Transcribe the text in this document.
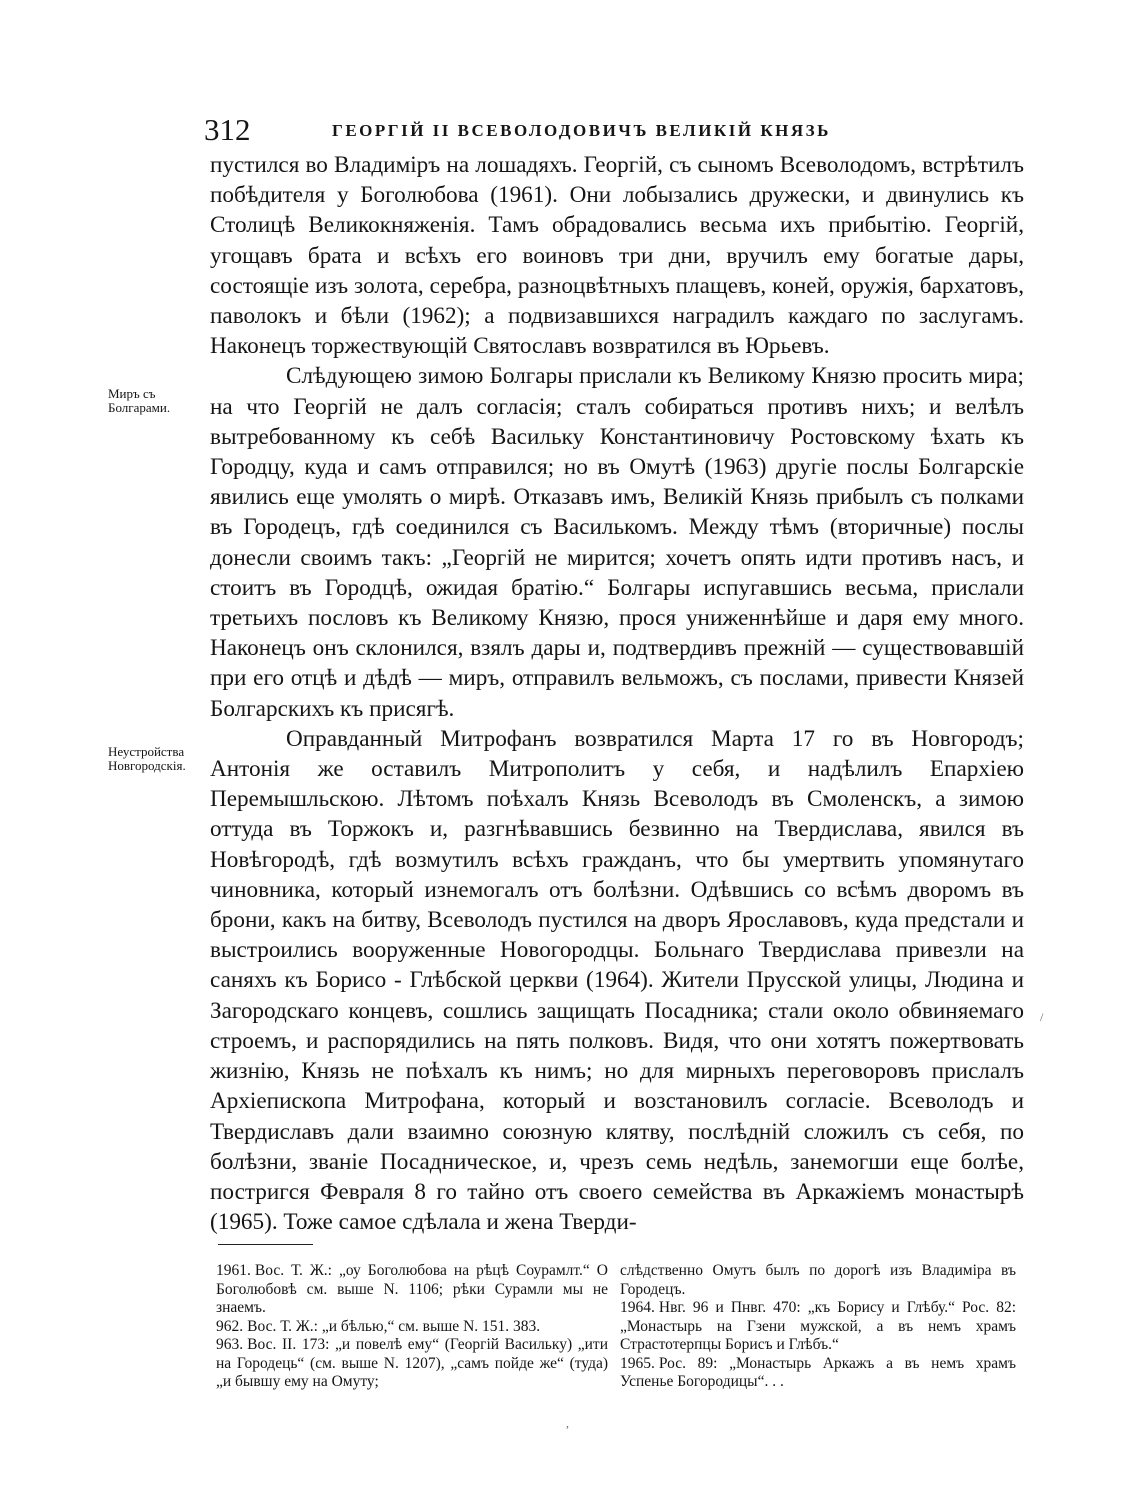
312	ГЕОРГІЙ II ВСЕВОЛОДОВИЧЪ ВЕЛИКІЙ КНЯЗЬ
Миръ съ Болгарами.
Неустройства Новгородскія.

пустился во Владиміръ на лошадяхъ. Георгій, съ сыномъ Всеволодомъ, встрѣтилъ побѣдителя у Боголюбова (1961). Они лобызались дружески, и двинулись къ Столицѣ Великокняженія. Тамъ обрадовались весьма ихъ прибытію. Георгій, угощавъ брата и всѣхъ его воиновъ три дни, вручилъ ему богатые дары, состоящіе изъ золота, серебра, разноцвѣтныхъ плащевъ, коней, оружія, бархатовъ, паволокъ и бѣли (1962); а подвизавшихся наградилъ каждаго по заслугамъ. Наконецъ торжествующій Святославъ возвратился въ Юрьевъ.

Слѣдующею зимою Болгары прислали къ Великому Князю просить мира; на что Георгій не далъ согласія; сталъ собираться противъ нихъ; и велѣлъ вытребованному къ себѣ Васильку Константиновичу Ростовскому ѣхать къ Городцу, куда и самъ отправился; но въ Омутѣ (1963) другіе послы Болгарскіе явились еще умолять о мирѣ. Отказавъ имъ, Великій Князь прибылъ съ полками въ Городецъ, гдѣ соединился съ Василькомъ. Между тѣмъ (вторичные) послы донесли своимъ такъ: „Георгій не мирится; хочетъ опять идти противъ насъ, и стоитъ въ Городцѣ, ожидая братію.“ Болгары испугавшись весьма, прислали третьихъ пословъ къ Великому Князю, прося униженнѣйше и даря ему много. Наконецъ онъ склонился, взялъ дары и, подтвердивъ прежній — существовавшій при его отцѣ и дѣдѣ — миръ, отправилъ вельможъ, съ послами, привести Князей Болгарскихъ къ присягѣ.

Оправданный Митрофанъ возвратился Марта 17 го въ Новгородъ; Антонія же оставилъ Митрополитъ у себя, и надѣлилъ Епархіею Перемышльскою. Лѣтомъ поѣхалъ Князь Всеволодъ въ Смоленскъ, а зимою оттуда въ Торжокъ и, разгнѣвавшись безвинно на Твердислава, явился въ Новѣгородѣ, гдѣ возмутилъ всѣхъ гражданъ, что бы умертвить упомянутаго чиновника, который изнемогалъ отъ болѣзни. Одѣвшись со всѣмъ дворомъ въ брони, какъ на битву, Всеволодъ пустился на дворъ Ярославовъ, куда предстали и выстроились вооруженные Новогородцы. Больнаго Твердислава привезли на саняхъ къ Борисо - Глѣбской церкви (1964). Жители Прусской улицы, Людина и Загородскаго концевъ, сошлись защищать Посадника; стали около обвиняемаго строемъ, и распорядились на пять полковъ. Видя, что они хотятъ пожертвовать жизнію, Князь не поѣхалъ къ нимъ; но для мирныхъ переговоровъ прислалъ Архіепископа Митрофана, который и возстановилъ согласіе. Всеволодъ и Твердиславъ дали взаимно союзную клятву, послѣдній сложилъ съ себя, по болѣзни, званіе Посадническое, и, чрезъ семь недѣль, занемогши еще болѣе, постригся Февраля 8 го тайно отъ своего семейства въ Аркажіемъ монастырѣ (1965). Тоже самое сдѣлала и жена Тверди-

1961. Вос. Т. Ж.: „оу Боголюбова на рѣцѣ Соурамлт.“ О Боголюбовѣ см. выше N. 1106; рѣки Сурамли мы не знаемъ.

962. Вос. Т. Ж.: „и бѣлью,“ см. выше N. 151. 383.

963. Вос. II. 173: „и повелѣ ему“ (Георгій Васильку) „ити на Городець“ (см. выше N. 1207), „самъ пойде же“ (туда) „и бывшу ему на Омуту;

слѣдственно Омутъ былъ по дорогѣ изъ Владиміра въ Городецъ.

1964. Нвг. 96 и Пнвг. 470: „къ Борису и Глѣбу.“ Рос. 82: „Монастырь на Гзени мужской, а въ немъ храмъ Страстотерпцы Борисъ и Глѣбъ.“

1965. Рос. 89: „Монастырь Аркажъ а въ немъ храмъ Успенье Богородицы“. . .

/
,
